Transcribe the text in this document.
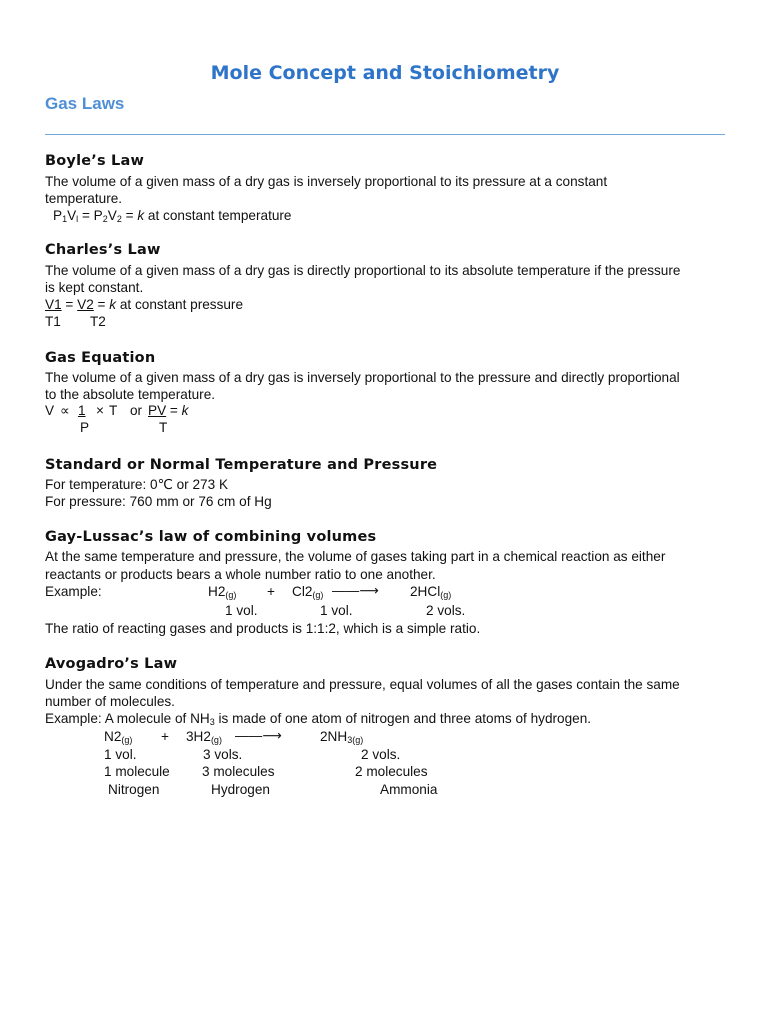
Mole Concept and Stoichiometry
Gas Laws
Boyle’s Law
The volume of a given mass of a dry gas is inversely proportional to its pressure at a constant
temperature.
$P_1V_l = P_2V_2 = k$ at constant temperature
Charles’s Law
The volume of a given mass of a dry gas is directly proportional to its absolute temperature if the pressure
is kept constant.
V1 = V2 = k at constant pressure
T1 T2
Gas Equation
The volume of a given mass of a dry gas is inversely proportional to the pressure and directly proportional
to the absolute temperature.
V ∝ 1 × T or PV = k
P	T
Standard or Normal Temperature and Pressure
For temperature: 0℃ or 273 K
For pressure: 760 mm or 76 cm of Hg
Gay-Lussac’s law of combining volumes
At the same temperature and pressure, the volume of gases taking part in a chemical reaction as either
reactants or products bears a whole number ratio to one another.
Example:	$H2_{(g)} + Cl2_{(g)}$ ——⟶ 2HCl$_{(g)}$
1 vol.	1 vol.	2 vols.
The ratio of reacting gases and products is 1:1:2, which is a simple ratio.
Avogadro’s Law
Under the same conditions of temperature and pressure, equal volumes of all the gases contain the same
number of molecules.
Example: A molecule of $NH_3$ is made of one atom of nitrogen and three atoms of hydrogen.
$N2_{(g)} + 3H2_{(g)}$ ——⟶	$2NH_{3(g)}$
1 vol.	3 vols.	2 vols.
1 molecule 3 molecules	2 molecules
Nitrogen	Hydrogen	Ammonia
